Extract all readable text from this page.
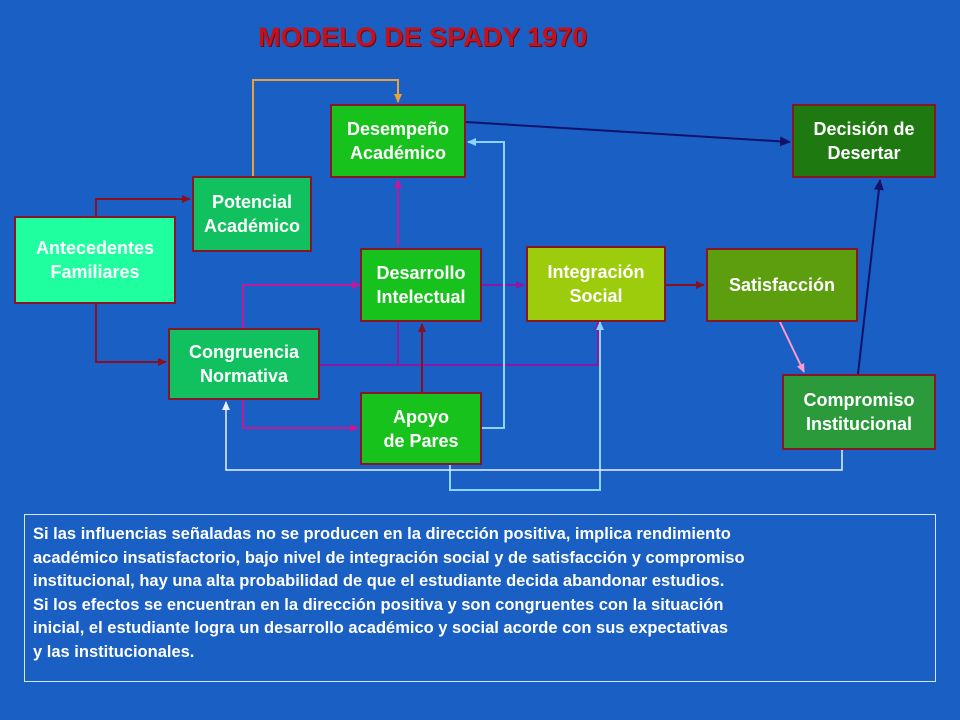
MODELO DE SPADY 1970
Antecedentes
Familiares
Potencial
Académico
Congruencia
Normativa
Desempeño
Académico
Desarrollo
Intelectual
Apoyo
de Pares
Integración
Social
Satisfacción
Compromiso
Institucional
Decisión de
Desertar
Si las influencias señaladas no se producen en la dirección positiva, implica rendimiento
académico insatisfactorio, bajo nivel de integración social y de satisfacción y compromiso
institucional, hay una alta probabilidad de que el estudiante decida abandonar estudios.
Si los efectos se encuentran en la dirección positiva y son congruentes con la situación
inicial, el estudiante logra un desarrollo académico y social acorde con sus expectativas
y las institucionales.
